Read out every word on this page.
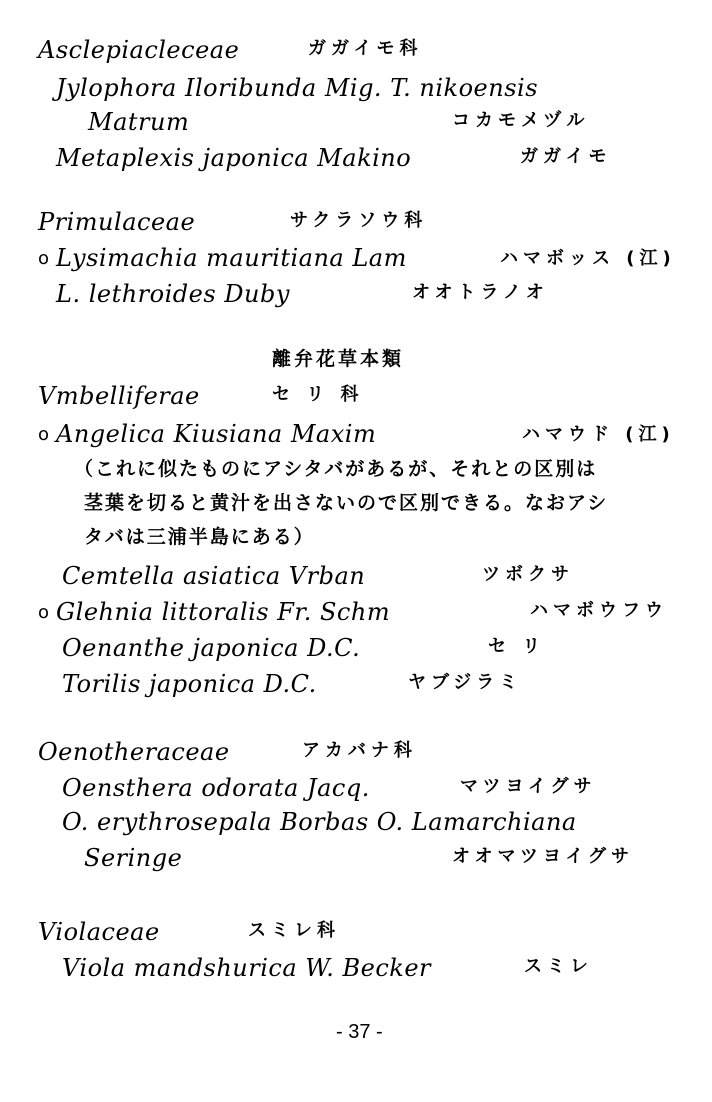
Asclepiacleceae	ガガイモ科
Jylophora Iloribunda Mig. T. nikoensis
Matrum	コカモメヅル
Metaplexis japonica Makino	ガガイモ
Primulaceae	サクラソウ科
o Lysimachia mauritiana Lam	ハマボッス (江)
L. lethroides Duby	オオトラノオ
離弁花草本類
Vmbelliferae	セ リ 科
o Angelica Kiusiana Maxim	ハマウド (江)
（これに似たものにアシタバがあるが、それとの区別は
茎葉を切ると黄汁を出さないので区別できる。なおアシ
タバは三浦半島にある）
Cemtella asiatica Vrban	ツボクサ
o Glehnia littoralis Fr. Schm	ハマボウフウ
Oenanthe japonica D.C.	セ リ
Torilis japonica D.C.	ヤブジラミ
Oenotheraceae	アカバナ科
Oensthera odorata Jacq.	マツヨイグサ
O. erythrosepala Borbas O. Lamarchiana
Seringe	オオマツヨイグサ
Violaceae	スミレ科
Viola mandshurica W. Becker	スミレ
- 37 -
